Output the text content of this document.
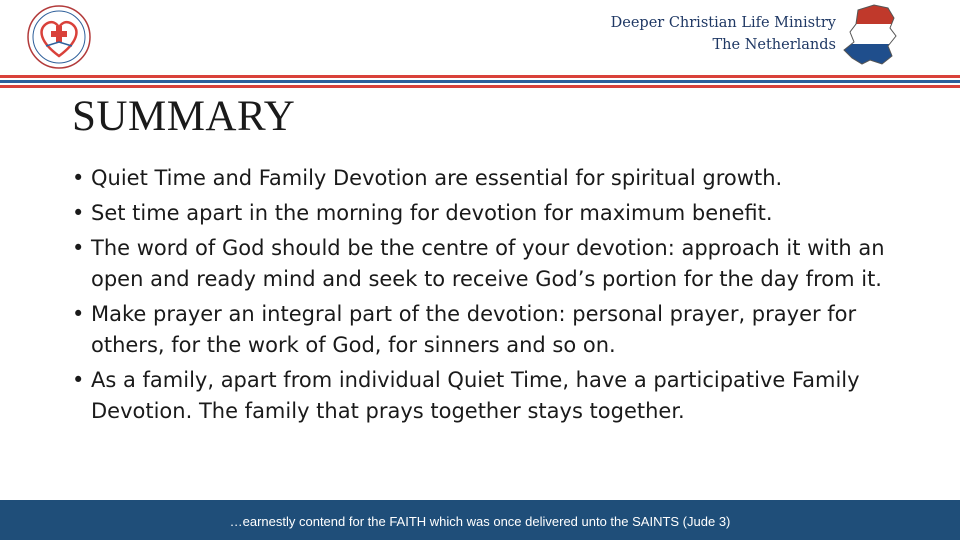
Deeper Christian Life Ministry
The Netherlands
SUMMARY
• Quiet Time and Family Devotion are essential for spiritual growth.
• Set time apart in the morning for devotion for maximum benefit.
• The word of God should be the centre of your devotion: approach it with an open and ready mind and seek to receive God’s portion for the day from it.
• Make prayer an integral part of the devotion: personal prayer, prayer for others, for the work of God, for sinners and so on.
• As a family, apart from individual Quiet Time, have a participative Family Devotion. The family that prays together stays together.
…earnestly contend for the FAITH which was once delivered unto the SAINTS (Jude 3)
